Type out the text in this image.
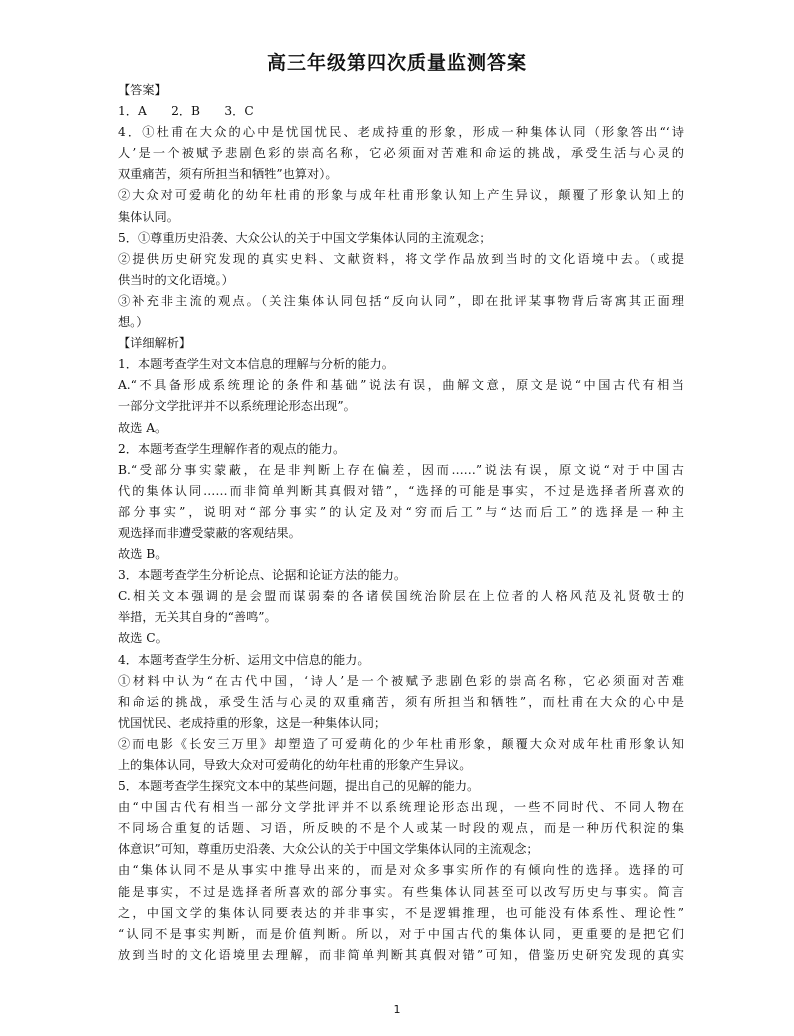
高三年级第四次质量监测答案

【答案】

1．A　　2．B　　3．C

4．①杜甫在大众的心中是忧国忧民、老成持重的形象，形成一种集体认同（形象答出“‘诗

人’是一个被赋予悲剧色彩的崇高名称，它必须面对苦难和命运的挑战，承受生活与心灵的

双重痛苦，须有所担当和牺牲”也算对）。

②大众对可爱萌化的幼年杜甫的形象与成年杜甫形象认知上产生异议，颠覆了形象认知上的

集体认同。

5．①尊重历史沿袭、大众公认的关于中国文学集体认同的主流观念；

②提供历史研究发现的真实史料、文献资料，将文学作品放到当时的文化语境中去。（或提

供当时的文化语境。）

③补充非主流的观点。（关注集体认同包括“反向认同”，即在批评某事物背后寄寓其正面理

想。）

【详细解析】

1．本题考查学生对文本信息的理解与分析的能力。

A.“不具备形成系统理论的条件和基础”说法有误，曲解文意，原文是说“中国古代有相当

一部分文学批评并不以系统理论形态出现”。

故选 A。

2．本题考查学生理解作者的观点的能力。

B.“受部分事实蒙蔽，在是非判断上存在偏差，因而……”说法有误，原文说“对于中国古

代的集体认同……而非简单判断其真假对错”，“选择的可能是事实，不过是选择者所喜欢的

部分事实”，说明对“部分事实”的认定及对“穷而后工”与“达而后工”的选择是一种主

观选择而非遭受蒙蔽的客观结果。

故选 B。

3．本题考查学生分析论点、论据和论证方法的能力。

C.相关文本强调的是会盟而谋弱秦的各诸侯国统治阶层在上位者的人格风范及礼贤敬士的

举措，无关其自身的“善鸣”。

故选 C。

4．本题考查学生分析、运用文中信息的能力。

①材料中认为“在古代中国，‘诗人’是一个被赋予悲剧色彩的崇高名称，它必须面对苦难

和命运的挑战，承受生活与心灵的双重痛苦，须有所担当和牺牲”，而杜甫在大众的心中是

忧国忧民、老成持重的形象，这是一种集体认同；

②而电影《长安三万里》却塑造了可爱萌化的少年杜甫形象，颠覆大众对成年杜甫形象认知

上的集体认同，导致大众对可爱萌化的幼年杜甫的形象产生异议。

5．本题考查学生探究文本中的某些问题，提出自己的见解的能力。

由“中国古代有相当一部分文学批评并不以系统理论形态出现，一些不同时代、不同人物在

不同场合重复的话题、习语，所反映的不是个人或某一时段的观点，而是一种历代积淀的集

体意识”可知，尊重历史沿袭、大众公认的关于中国文学集体认同的主流观念；

由“集体认同不是从事实中推导出来的，而是对众多事实所作的有倾向性的选择。选择的可

能是事实，不过是选择者所喜欢的部分事实。有些集体认同甚至可以改写历史与事实。简言

之，中国文学的集体认同要表达的并非事实，不是逻辑推理，也可能没有体系性、理论性”

“认同不是事实判断，而是价值判断。所以，对于中国古代的集体认同，更重要的是把它们

放到当时的文化语境里去理解，而非简单判断其真假对错”可知，借鉴历史研究发现的真实

1
